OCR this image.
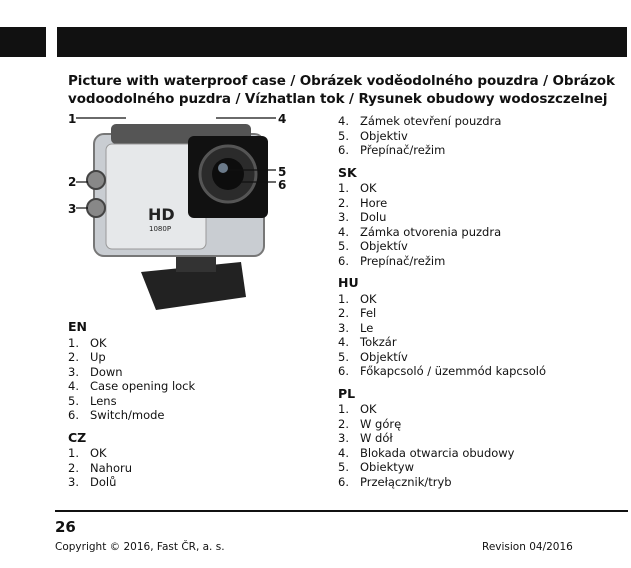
Picture with waterproof case / Obrázek voděodolného pouzdra / Obrázok vodoodolného puzdra / Vízhatlan tok / Rysunek obudowy wodoszczelnej
HD
1080P
1	4
2
3
5
6
EN
1. OK
2. Up
3. Down
4. Case opening lock
5. Lens
6. Switch/mode
CZ
1. OK
2. Nahoru
3. Dolů
4. Zámek otevření pouzdra
5. Objektiv
6. Přepínač/režim
SK
1. OK
2. Hore
3. Dolu
4. Zámka otvorenia puzdra
5. Objektív
6. Prepínač/režim
HU
1. OK
2. Fel
3. Le
4. Tokzár
5. Objektív
6. Főkapcsoló / üzemmód kapcsoló
PL
1. OK
2. W górę
3. W dół
4. Blokada otwarcia obudowy
5. Obiektyw
6. Przełącznik/tryb
26
Copyright © 2016, Fast ČR, a. s.	Revision 04/2016
